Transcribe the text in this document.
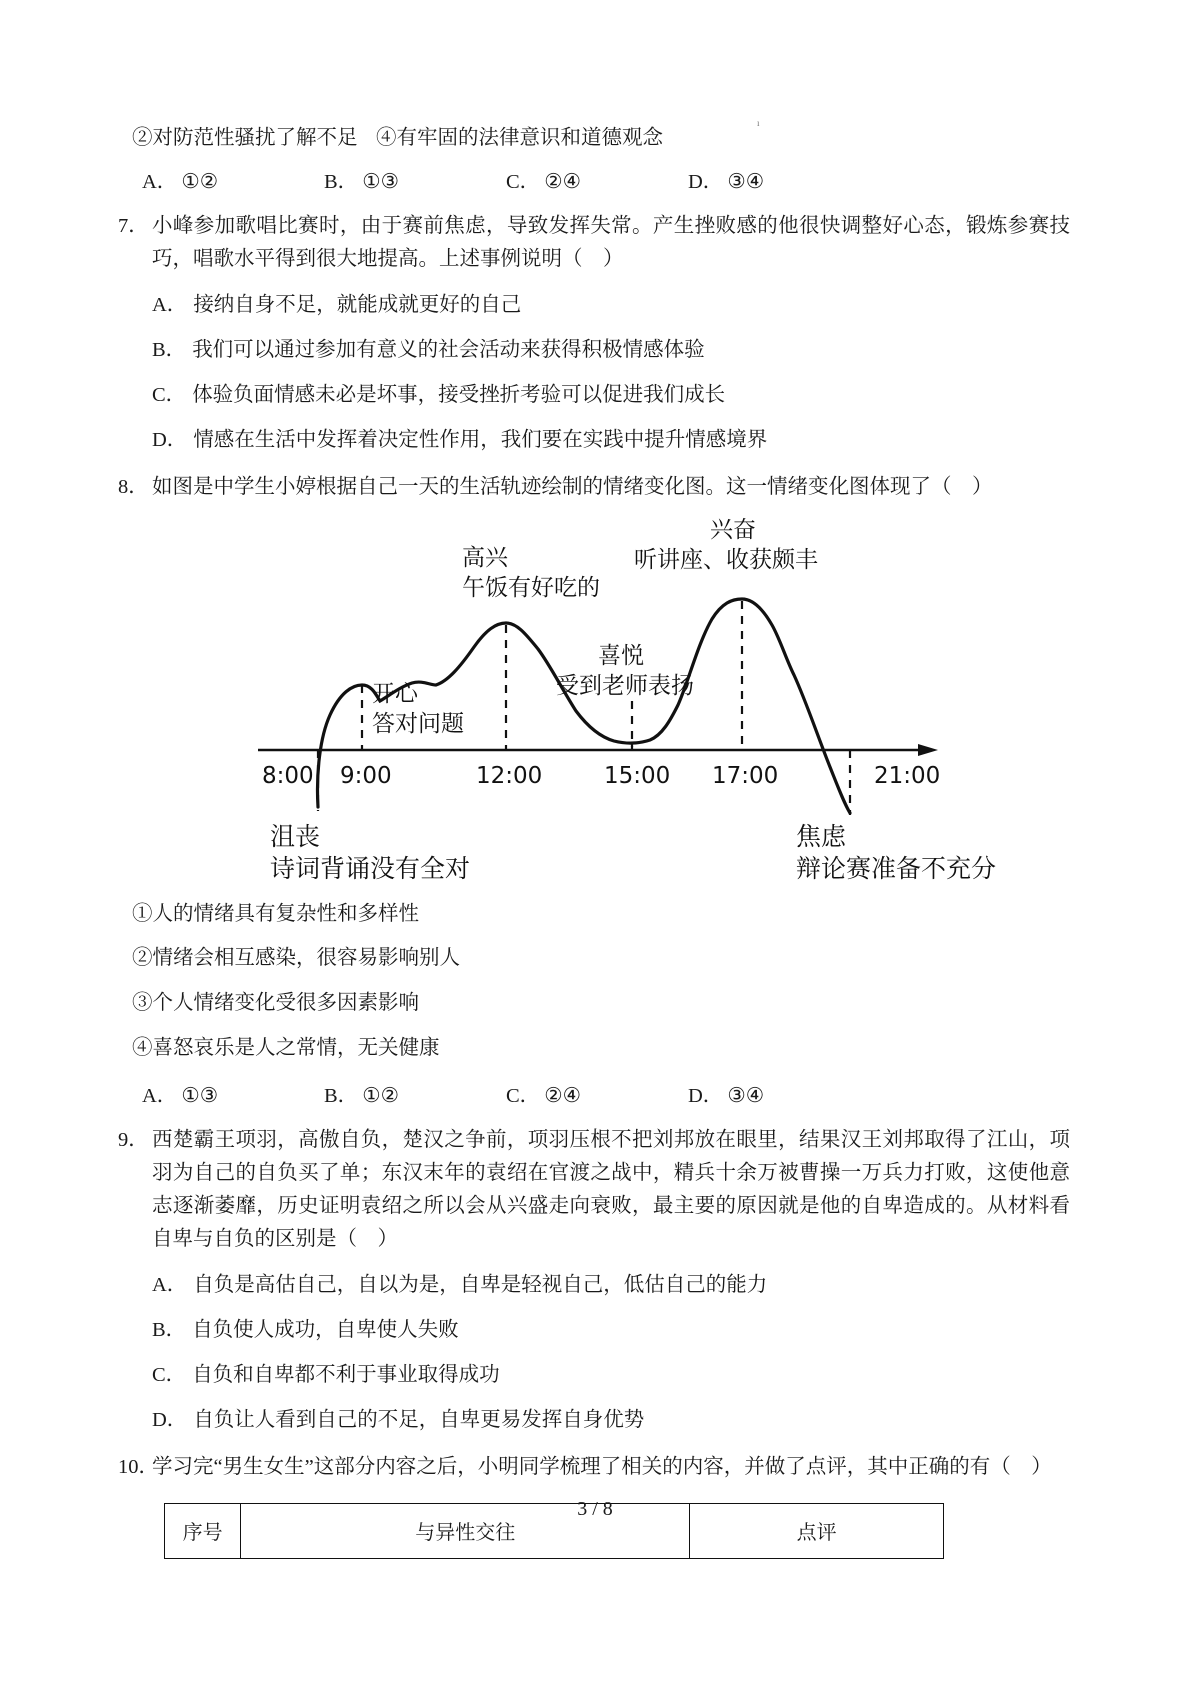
ı
②对防范性骚扰了解不足 ④有牢固的法律意识和道德观念
A． ①②	B． ①③	C． ②④	D． ③④
7． 小峰参加歌唱比赛时，由于赛前焦虑，导致发挥失常。产生挫败感的他很快调整好心态，锻炼参赛技巧，唱歌水平得到很大地提高。上述事例说明（　）
A． 接纳自身不足，就能成就更好的自己
B． 我们可以通过参加有意义的社会活动来获得积极情感体验
C． 体验负面情感未必是坏事，接受挫折考验可以促进我们成长
D． 情感在生活中发挥着决定性作用，我们要在实践中提升情感境界
8． 如图是中学生小婷根据自己一天的生活轨迹绘制的情绪变化图。这一情绪变化图体现了（　）
开心
答对问题
高兴
午饭有好吃的
喜悦
受到老师表扬
兴奋
听讲座、收获颇丰
8:00 9:00	12:00	15:00 17:00	21:00
沮丧
诗词背诵没有全对
焦虑
辩论赛准备不充分
①人的情绪具有复杂性和多样性
②情绪会相互感染，很容易影响别人
③个人情绪变化受很多因素影响
④喜怒哀乐是人之常情，无关健康
A． ①③	B． ①②	C． ②④	D． ③④
9． 西楚霸王项羽，高傲自负，楚汉之争前，项羽压根不把刘邦放在眼里，结果汉王刘邦取得了江山，项羽为自己的自负买了单；东汉末年的袁绍在官渡之战中，精兵十余万被曹操一万兵力打败，这使他意志逐渐萎靡，历史证明袁绍之所以会从兴盛走向衰败，最主要的原因就是他的自卑造成的。从材料看自卑与自负的区别是（　）
A． 自负是高估自己，自以为是，自卑是轻视自己，低估自己的能力
B． 自负使人成功，自卑使人失败
C． 自负和自卑都不利于事业取得成功
D． 自负让人看到自己的不足，自卑更易发挥自身优势
10．
学习完“男生女生”这部分内容之后，小明同学梳理了相关的内容，并做了点评，其中正确的有（　）
序号	与异性交往	点评
3 / 8
